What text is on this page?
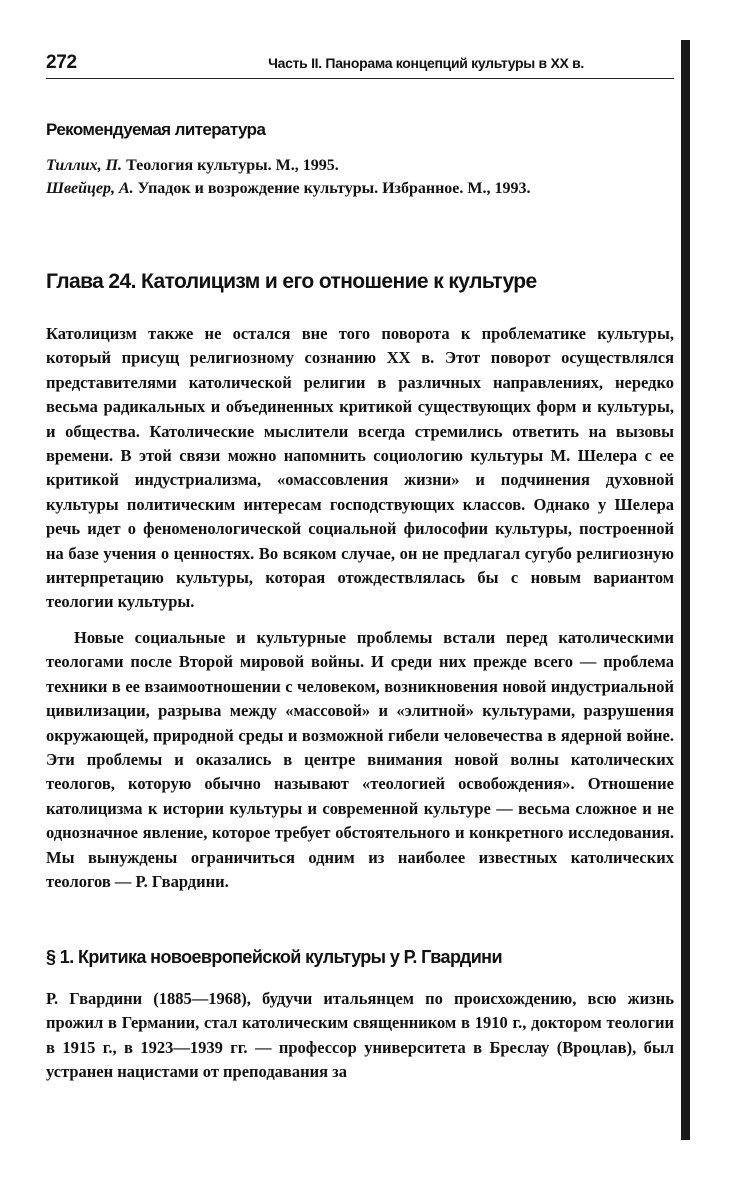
272	Часть II. Панорама концепций культуры в XX в.
Рекомендуемая литература
Тиллих, П. Теология культуры. М., 1995.
Швейцер, А. Упадок и возрождение культуры. Избранное. М., 1993.
Глава 24. Католицизм и его отношение к культуре

Католицизм также не остался вне того поворота к проблематике культуры, который присущ религиозному сознанию XX в. Этот поворот осуществлялся представителями католической религии в различных направлениях, нередко весьма радикальных и объединенных критикой существующих форм и культуры, и общества. Католические мыслители всегда стремились ответить на вызовы времени. В этой связи можно напомнить социологию культуры М. Шелера с ее критикой индустриализма, «омассовления жизни» и подчинения духовной культуры политическим интересам господствующих классов. Однако у Шелера речь идет о феноменологической социальной философии культуры, построенной на базе учения о ценностях. Во всяком случае, он не предлагал сугубо религиозную интерпретацию культуры, которая отождествлялась бы с новым вариантом теологии культуры.

Новые социальные и культурные проблемы встали перед католическими теологами после Второй мировой войны. И среди них прежде всего — проблема техники в ее взаимоотношении с человеком, возникновения новой индустриальной цивилизации, разрыва между «массовой» и «элитной» культурами, разрушения окружающей, природной среды и возможной гибели человечества в ядерной войне. Эти проблемы и оказались в центре внимания новой волны католических теологов, которую обычно называют «теологией освобождения». Отношение католицизма к истории культуры и современной культуре — весьма сложное и не однозначное явление, которое требует обстоятельного и конкретного исследования. Мы вынуждены ограничиться одним из наиболее известных католических теологов — Р. Гвардини.

§ 1. Критика новоевропейской культуры у Р. Гвардини

Р. Гвардини (1885—1968), будучи итальянцем по происхождению, всю жизнь прожил в Германии, стал католическим священником в 1910 г., доктором теологии в 1915 г., в 1923—1939 гг. — профессор университета в Бреслау (Вроцлав), был устранен нацистами от преподавания за
